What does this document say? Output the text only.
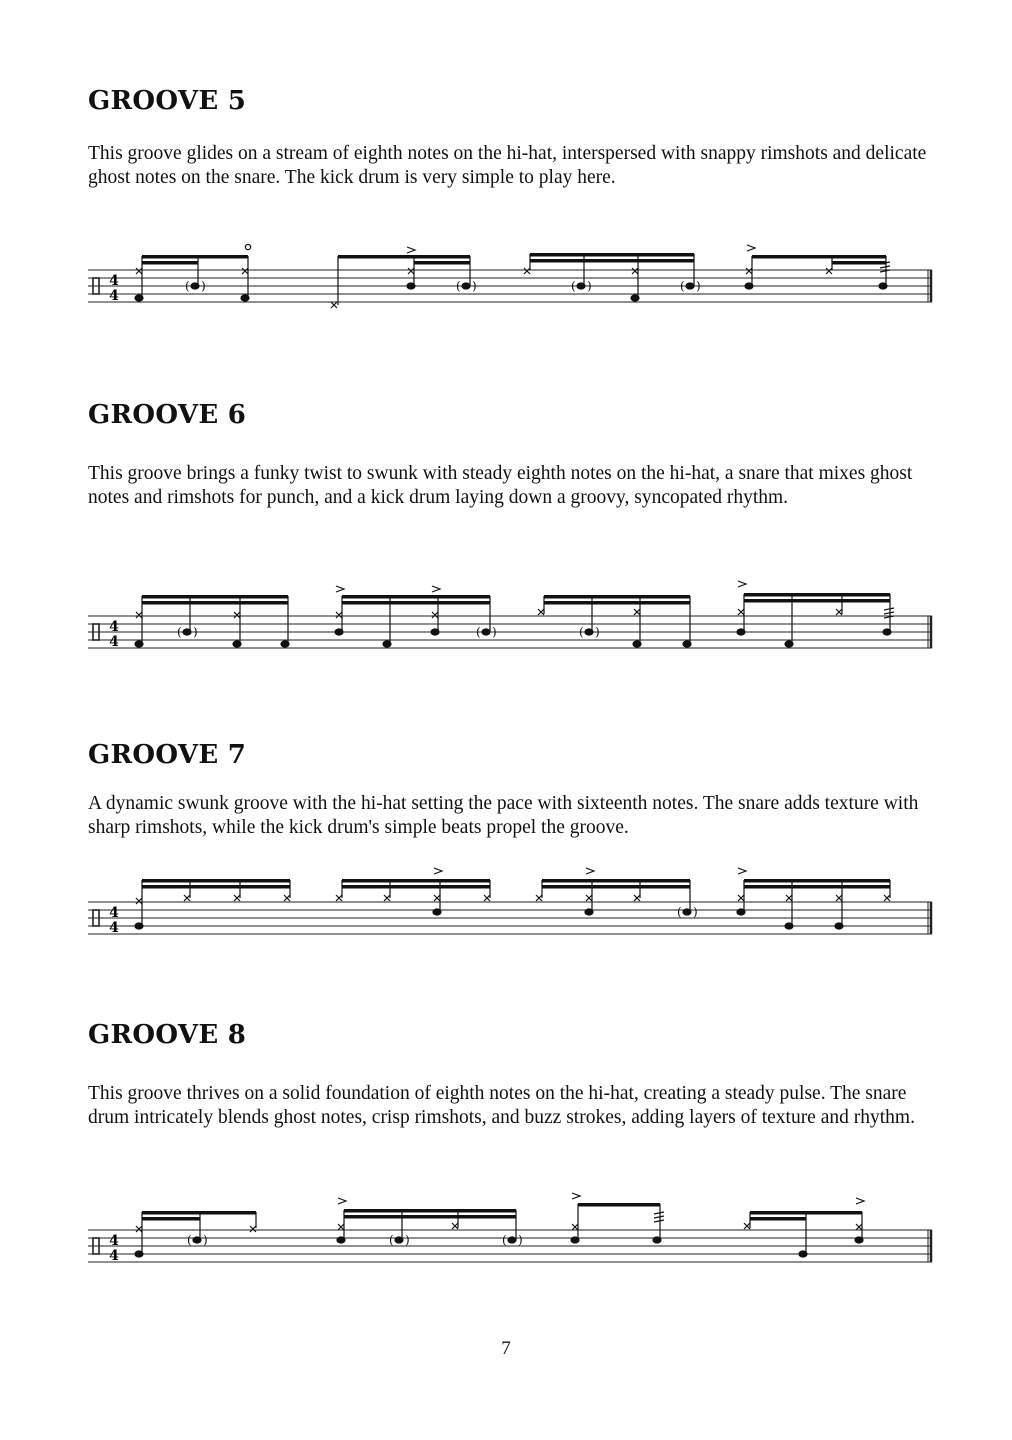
GROOVE 5

This groove glides on a stream of eighth notes on the hi-hat, interspersed with snappy rimshots and delicate ghost notes on the snare. The kick drum is very simple to play here.

4
4
( )	( )	( )	( )
GROOVE 6

This groove brings a funky twist to swunk with steady eighth notes on the hi-hat, a snare that mixes ghost notes and rimshots for punch, and a kick drum laying down a groovy, syncopated rhythm.

4
4
( )	( )	( )
GROOVE 7

A dynamic swunk groove with the hi-hat setting the pace with sixteenth notes. The snare adds texture with sharp rimshots, while the kick drum's simple beats propel the groove.

4
4
( )
GROOVE 8

This groove thrives on a solid foundation of eighth notes on the hi-hat, creating a steady pulse. The snare drum intricately blends ghost notes, crisp rimshots, and buzz strokes, adding layers of texture and rhythm.

4
4
( )	( )	( )
7
